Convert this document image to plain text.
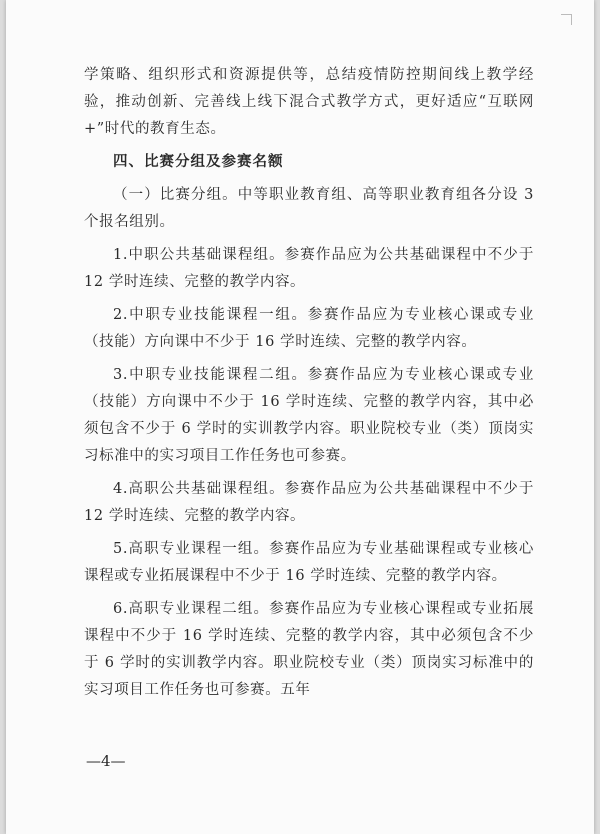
学策略、组织形式和资源提供等，总结疫情防控期间线上教学经验，推动创新、完善线上线下混合式教学方式，更好适应“互联网+”时代的教育生态。

四、比赛分组及参赛名额

（一）比赛分组。中等职业教育组、高等职业教育组各分设 3 个报名组别。

1.中职公共基础课程组。参赛作品应为公共基础课程中不少于 12 学时连续、完整的教学内容。

2.中职专业技能课程一组。参赛作品应为专业核心课或专业（技能）方向课中不少于 16 学时连续、完整的教学内容。

3.中职专业技能课程二组。参赛作品应为专业核心课或专业（技能）方向课中不少于 16 学时连续、完整的教学内容，其中必须包含不少于 6 学时的实训教学内容。职业院校专业（类）顶岗实习标准中的实习项目工作任务也可参赛。

4.高职公共基础课程组。参赛作品应为公共基础课程中不少于 12 学时连续、完整的教学内容。

5.高职专业课程一组。参赛作品应为专业基础课程或专业核心课程或专业拓展课程中不少于 16 学时连续、完整的教学内容。

6.高职专业课程二组。参赛作品应为专业核心课程或专业拓展课程中不少于 16 学时连续、完整的教学内容，其中必须包含不少于 6 学时的实训教学内容。职业院校专业（类）顶岗实习标准中的实习项目工作任务也可参赛。五年

—4—
